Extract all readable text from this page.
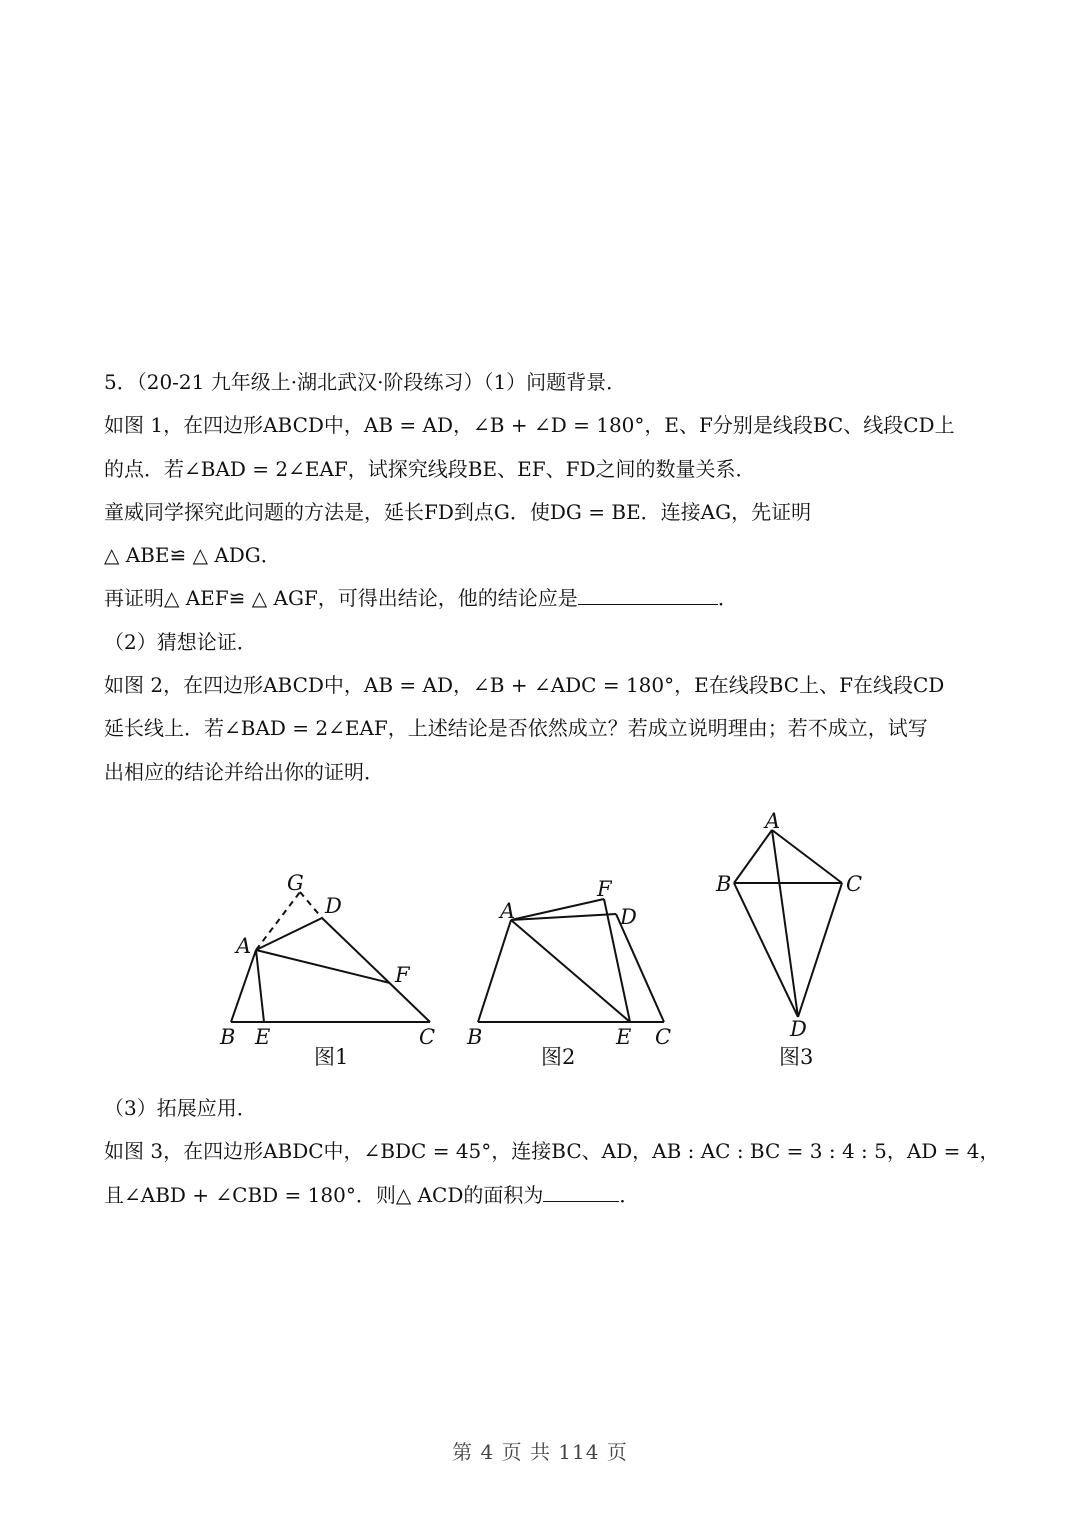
5．（20-21 九年级上·湖北武汉·阶段练习）（1）问题背景．
如图 1，在四边形ABCD中，AB = AD，∠B + ∠D = 180°，E、F分别是线段BC、线段CD上
的点．若∠BAD = 2∠EAF，试探究线段BE、EF、FD之间的数量关系．
童威同学探究此问题的方法是，延长FD到点G．使DG = BE．连接AG，先证明
△ ABE≌ △ ADG．
再证明△ AEF≌ △ AGF，可得出结论，他的结论应是	．
（2）猜想论证．
如图 2，在四边形ABCD中，AB = AD，∠B + ∠ADC = 180°，E在线段BC上、F在线段CD
延长线上．若∠BAD = 2∠EAF，上述结论是否依然成立？若成立说明理由；若不成立，试写
出相应的结论并给出你的证明．
G
D
A
F
B E	C
图1
A
F
D
B	E C
图2
A
B	C
D
图3
（3）拓展应用．
如图 3，在四边形ABDC中，∠BDC = 45°，连接BC、AD，AB : AC : BC = 3 : 4 : 5，AD = 4，
且∠ABD + ∠CBD = 180°．则△ ACD的面积为	．
第 4 页 共 114 页
